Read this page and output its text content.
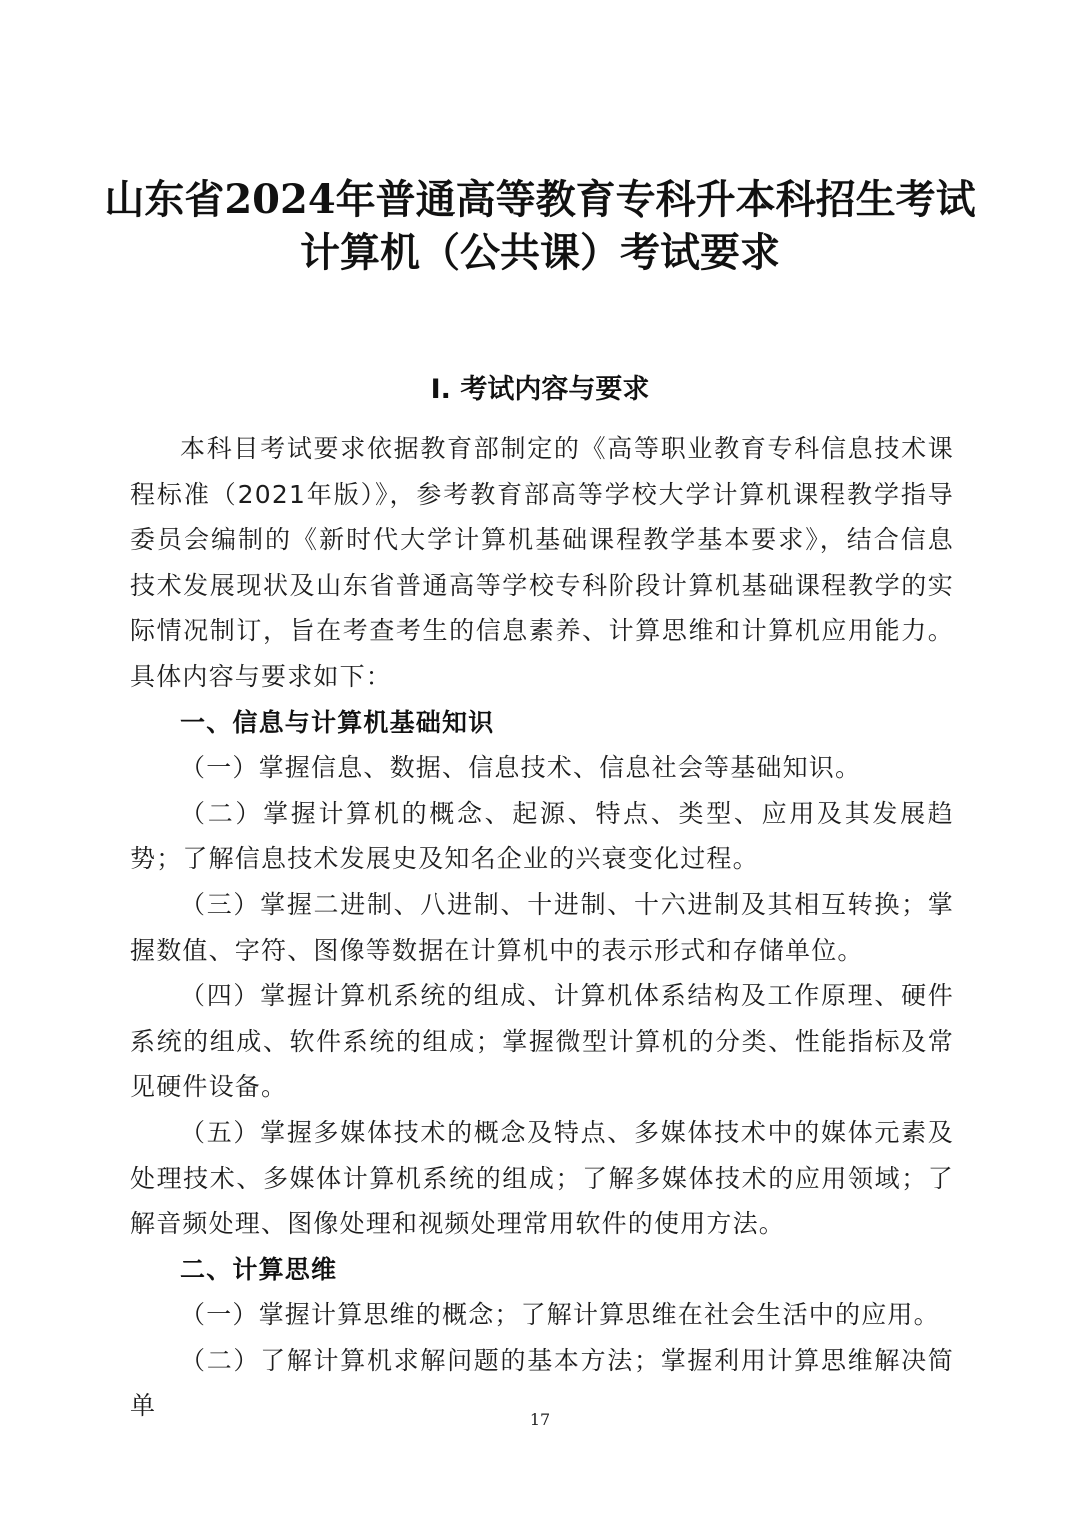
山东省2024年普通高等教育专科升本科招生考试
计算机（公共课）考试要求
Ⅰ. 考试内容与要求

本科目考试要求依据教育部制定的《高等职业教育专科信息技术课程标准（2021年版）》，参考教育部高等学校大学计算机课程教学指导委员会编制的《新时代大学计算机基础课程教学基本要求》，结合信息技术发展现状及山东省普通高等学校专科阶段计算机基础课程教学的实际情况制订，旨在考查考生的信息素养、计算思维和计算机应用能力。具体内容与要求如下：

一、信息与计算机基础知识

（一）掌握信息、数据、信息技术、信息社会等基础知识。

（二）掌握计算机的概念、起源、特点、类型、应用及其发展趋势；了解信息技术发展史及知名企业的兴衰变化过程。

（三）掌握二进制、八进制、十进制、十六进制及其相互转换；掌握数值、字符、图像等数据在计算机中的表示形式和存储单位。

（四）掌握计算机系统的组成、计算机体系结构及工作原理、硬件系统的组成、软件系统的组成；掌握微型计算机的分类、性能指标及常见硬件设备。

（五）掌握多媒体技术的概念及特点、多媒体技术中的媒体元素及处理技术、多媒体计算机系统的组成；了解多媒体技术的应用领域；了解音频处理、图像处理和视频处理常用软件的使用方法。

二、计算思维

（一）掌握计算思维的概念；了解计算思维在社会生活中的应用。

（二）了解计算机求解问题的基本方法；掌握利用计算思维解决简单	17
